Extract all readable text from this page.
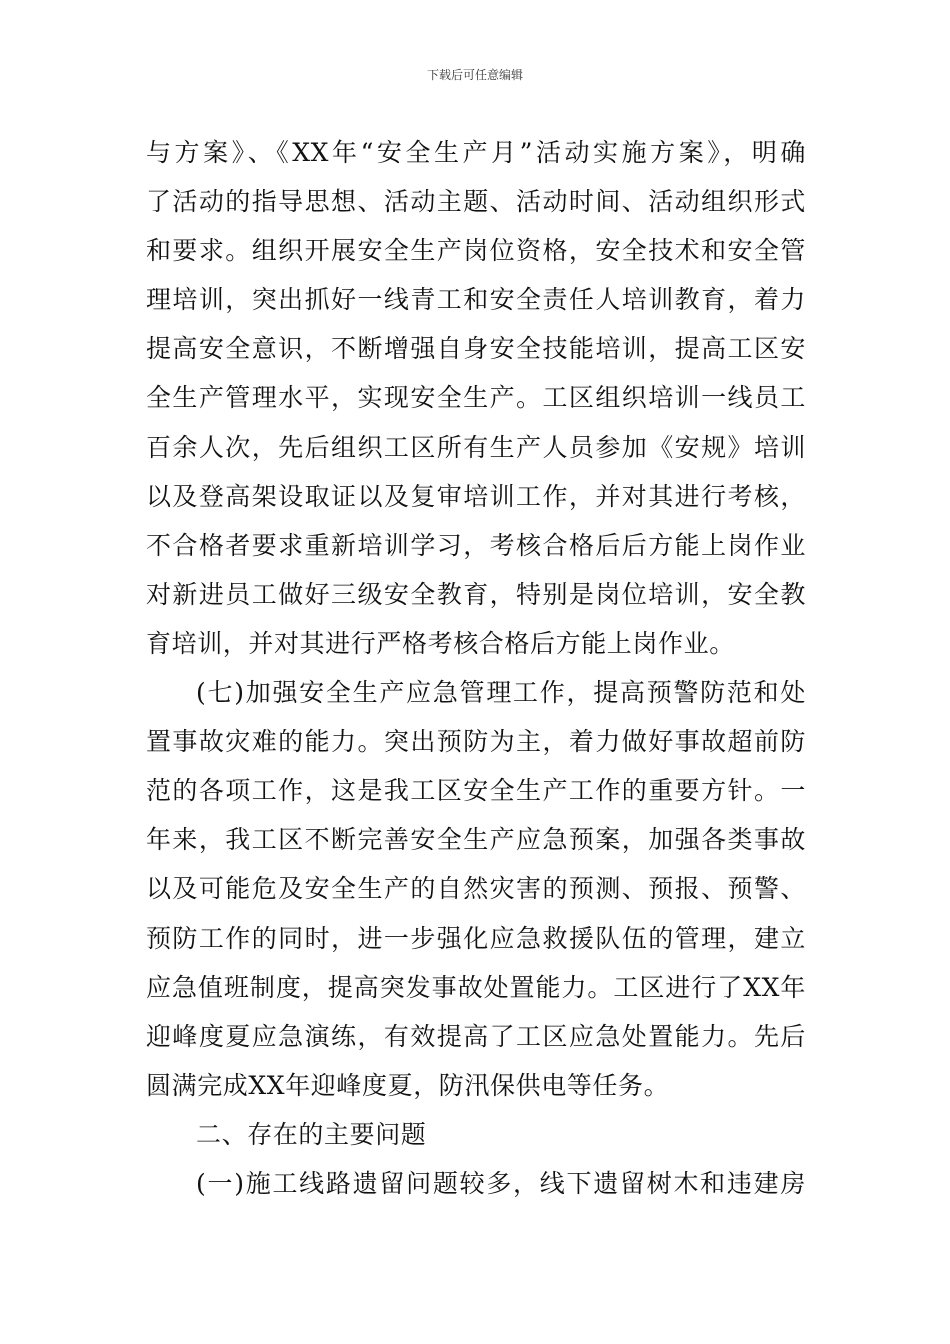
下载后可任意编辑
与方案》、《XX年“安全生产月”活动实施方案》，明确
了活动的指导思想、活动主题、活动时间、活动组织形式
和要求。组织开展安全生产岗位资格，安全技术和安全管
理培训，突出抓好一线青工和安全责任人培训教育，着力
提高安全意识，不断增强自身安全技能培训，提高工区安
全生产管理水平，实现安全生产。工区组织培训一线员工
百余人次，先后组织工区所有生产人员参加《安规》培训
以及登高架设取证以及复审培训工作，并对其进行考核，
不合格者要求重新培训学习，考核合格后后方能上岗作业
对新进员工做好三级安全教育，特别是岗位培训，安全教
育培训，并对其进行严格考核合格后方能上岗作业。
(七)加强安全生产应急管理工作，提高预警防范和处
置事故灾难的能力。突出预防为主，着力做好事故超前防
范的各项工作，这是我工区安全生产工作的重要方针。一
年来，我工区不断完善安全生产应急预案，加强各类事故
以及可能危及安全生产的自然灾害的预测、预报、预警、
预防工作的同时，进一步强化应急救援队伍的管理，建立
应急值班制度，提高突发事故处置能力。工区进行了XX年
迎峰度夏应急演练，有效提高了工区应急处置能力。先后
圆满完成XX年迎峰度夏，防汛保供电等任务。
二、存在的主要问题
(一)施工线路遗留问题较多，线下遗留树木和违建房
